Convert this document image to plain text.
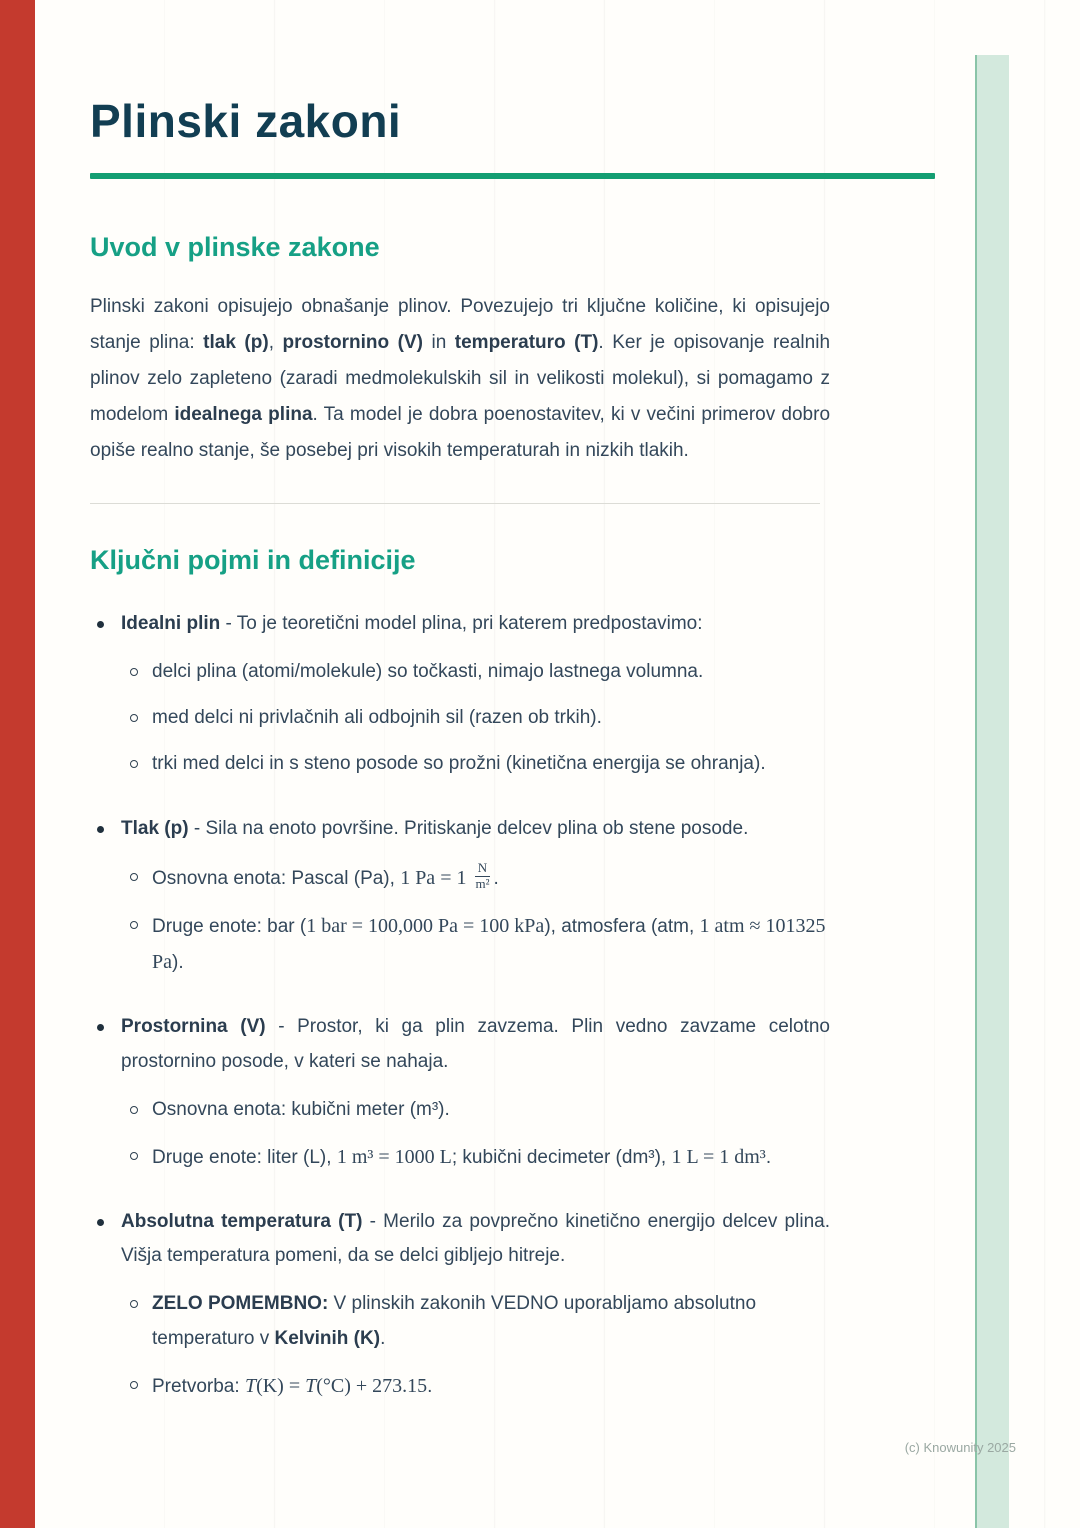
Plinski zakoni
Uvod v plinske zakone

Plinski zakoni opisujejo obnašanje plinov. Povezujejo tri ključne količine, ki opisujejo stanje plina: tlak (p), prostornino (V) in temperaturo (T). Ker je opisovanje realnih plinov zelo zapleteno (zaradi medmolekulskih sil in velikosti molekul), si pomagamo z modelom idealnega plina. Ta model je dobra poenostavitev, ki v večini primerov dobro opiše realno stanje, še posebej pri visokih temperaturah in nizkih tlakih.

Ključni pojmi in definicije
Idealni plin - To je teoretični model plina, pri katerem predpostavimo:
delci plina (atomi/molekule) so točkasti, nimajo lastnega volumna.
med delci ni privlačnih ali odbojnih sil (razen ob trkih).
trki med delci in s steno posode so prožni (kinetična energija se ohranja).
Tlak (p) - Sila na enoto površine. Pritiskanje delcev plina ob stene posode.
Osnovna enota: Pascal (Pa), 1 $Pa = 1 \frac{N}{\text{m²}}$ .
Druge enote: bar (1 bar = 100,000 Pa = 100 kPa), atmosfera (atm, 1 atm ≈ 101325 Pa).
Prostornina (V) - Prostor, ki ga plin zavzema. Plin vedno zavzame celotno prostornino posode, v kateri se nahaja.
Osnovna enota: kubični meter (m³).
Druge enote: liter (L), 1 m³ = 1000 L; kubični decimeter (dm³), 1 L = 1 dm³.
Absolutna temperatura (T) - Merilo za povprečno kinetično energijo delcev plina. Višja temperatura pomeni, da se delci gibljejo hitreje.
ZELO POMEMBNO: V plinskih zakonih VEDNO uporabljamo absolutno temperaturo v Kelvinih (K).
Pretvorba: T(K) = T(°C) + 273.15.
(c) Knowunity 2025
